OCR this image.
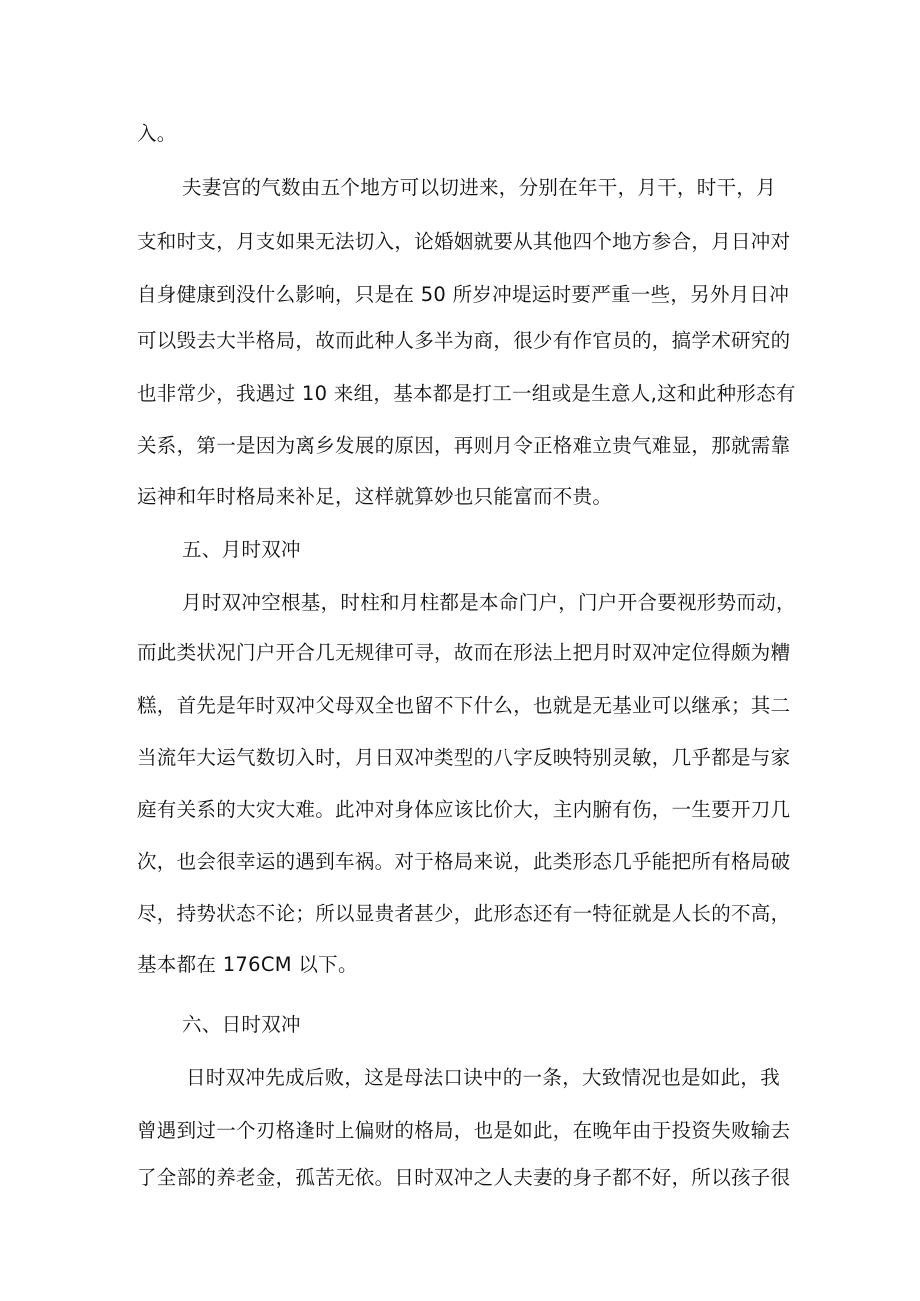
入。
夫妻宫的气数由五个地方可以切进来，分别在年干，月干，时干，月
支和时支，月支如果无法切入，论婚姻就要从其他四个地方参合，月日冲对
自身健康到没什么影响，只是在 50 所岁冲堤运时要严重一些，另外月日冲
可以毁去大半格局，故而此种人多半为商，很少有作官员的，搞学术研究的
也非常少，我遇过 10 来组，基本都是打工一组或是生意人,这和此种形态有
关系，第一是因为离乡发展的原因，再则月令正格难立贵气难显，那就需靠
运神和年时格局来补足，这样就算妙也只能富而不贵。
五、月时双冲
月时双冲空根基，时柱和月柱都是本命门户，门户开合要视形势而动，
而此类状况门户开合几无规律可寻，故而在形法上把月时双冲定位得颇为糟
糕，首先是年时双冲父母双全也留不下什么，也就是无基业可以继承；其二
当流年大运气数切入时，月日双冲类型的八字反映特别灵敏，几乎都是与家
庭有关系的大灾大难。此冲对身体应该比价大，主内腑有伤，一生要开刀几
次，也会很幸运的遇到车祸。对于格局来说，此类形态几乎能把所有格局破
尽，持势状态不论；所以显贵者甚少，此形态还有一特征就是人长的不高，
基本都在 176CM 以下。
六、日时双冲
日时双冲先成后败，这是母法口诀中的一条，大致情况也是如此，我
曾遇到过一个刃格逢时上偏财的格局，也是如此，在晚年由于投资失败输去
了全部的养老金，孤苦无依。日时双冲之人夫妻的身子都不好，所以孩子很
